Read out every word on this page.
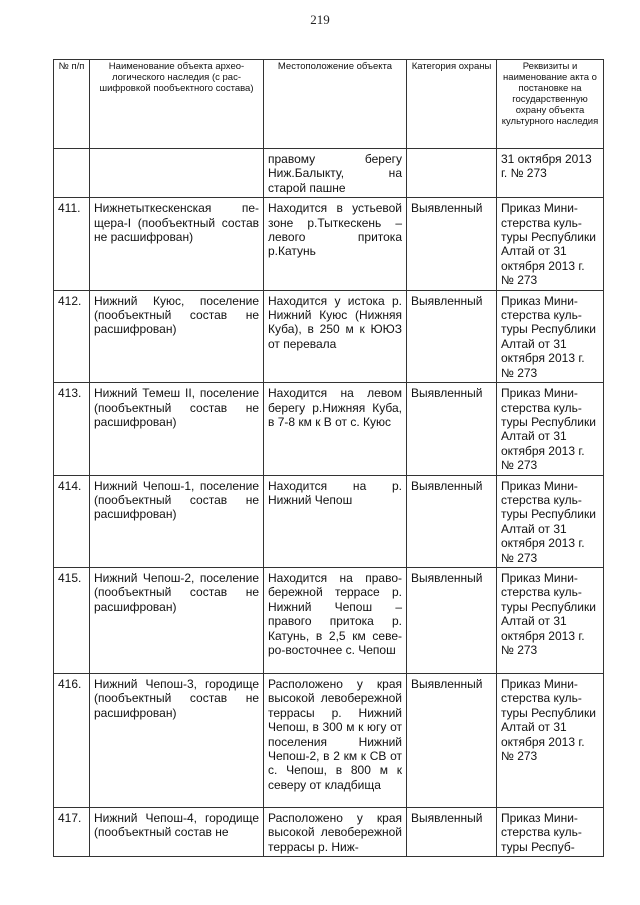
219
№ п/п	Наименование объекта археологического наследия (с расшифровкой пообъектного состава)	Местоположение объекта	Категория охраны	Реквизиты и наименование акта о постановке на государственную охрану объекта культурного наследия
		правому берегу Ниж.Балыкту, на старой пашне		31 октября 2013 г. № 273
411.	Нижнетыткескенская пещера-I (пообъектный состав не расшифрован)	Находится в устьевой зоне р.Тыткескень – левого притока р.Катунь	Выявленный	Приказ Министерства культуры Республики Алтай от 31 октября 2013 г. № 273
412.	Нижний Куюс, поселение (пообъектный состав не расшифрован)	Находится у истока р. Нижний Куюс (Нижняя Куба), в 250 м к ЮЮЗ от перевала	Выявленный	Приказ Министерства культуры Республики Алтай от 31 октября 2013 г. № 273
413.	Нижний Темеш II, поселение (пообъектный состав не расшифрован)	Находится на левом берегу р.Нижняя Куба, в 7-8 км к В от с. Куюс	Выявленный	Приказ Министерства культуры Республики Алтай от 31 октября 2013 г. № 273
414.	Нижний Чепош-1, поселение (пообъектный состав не расшифрован)	Находится на р. Нижний Чепош	Выявленный	Приказ Министерства культуры Республики Алтай от 31 октября 2013 г. № 273
415.	Нижний Чепош-2, поселение (пообъектный состав не расшифрован)	Находится на правобережной террасе р. Нижний Чепош – правого притока р. Катунь, в 2,5 км северо-восточнее с. Чепош	Выявленный	Приказ Министерства культуры Республики Алтай от 31 октября 2013 г. № 273
416.	Нижний Чепош-3, городище (пообъектный состав не расшифрован)	Расположено у края высокой левобережной террасы р. Нижний Чепош, в 300 м к югу от поселения Нижний Чепош-2, в 2 км к СВ от с. Чепош, в 800 м к северу от кладбища	Выявленный	Приказ Министерства культуры Республики Алтай от 31 октября 2013 г. № 273
417.	Нижний Чепош-4, городище (пообъектный состав не	Расположено у края высокой левобережной террасы р. Ниж-	Выявленный	Приказ Министерства культуры Респуб-
